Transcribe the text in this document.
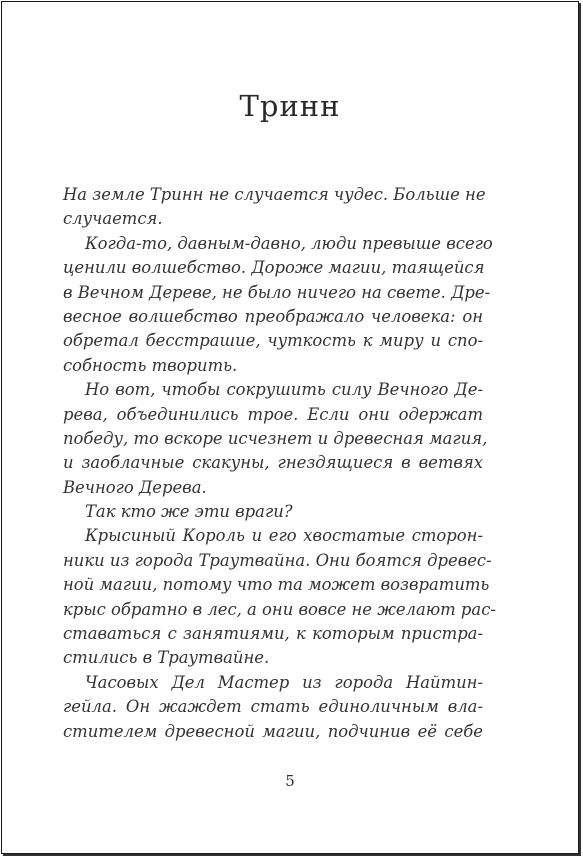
Тринн
На земле Тринн не случается чудес. Больше не
случается.
Когда-то, давным-давно, люди превыше всего
ценили волшебство. Дороже магии, таящейся
в Вечном Дереве, не было ничего на свете. Дре-
весное волшебство преображало человека: он
обретал бесстрашие, чуткость к миру и спо-
собность творить.
Но вот, чтобы сокрушить силу Вечного Де-
рева, объединились трое. Если они одержат
победу, то вскоре исчезнет и древесная магия,
и заоблачные скакуны, гнездящиеся в ветвях
Вечного Дерева.
Так кто же эти враги?
Крысиный Король и его хвостатые сторон-
ники из города Траутвайна. Они боятся древес-
ной магии, потому что та может возвратить
крыс обратно в лес, а они вовсе не желают рас-
ставаться с занятиями, к которым пристра-
стились в Траутвайне.
Часовых Дел Мастер из города Найтин-
гейла. Он жаждет стать единоличным вла-
стителем древесной магии, подчинив её себе
5
